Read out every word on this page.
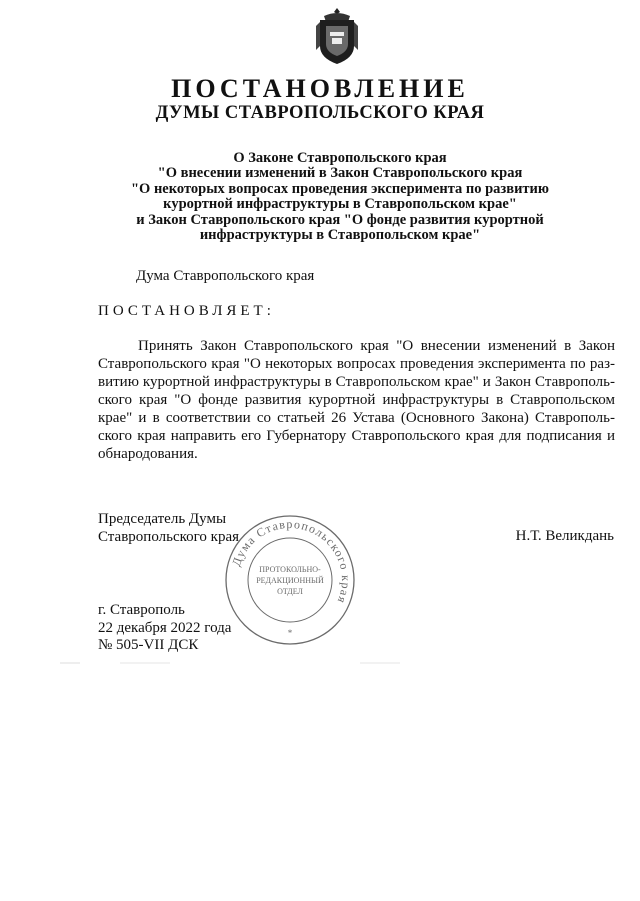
ПОСТАНОВЛЕНИЕ
ДУМЫ СТАВРОПОЛЬСКОГО КРАЯ
О Законе Ставропольского края
"О внесении изменений в Закон Ставропольского края
"О некоторых вопросах проведения эксперимента по развитию
курортной инфраструктуры в Ставропольском крае"
и Закон Ставропольского края "О фонде развития курортной
инфраструктуры в Ставропольском крае"
Дума Ставропольского края
ПОСТАНОВЛЯЕТ:
Принять Закон Ставропольского края "О внесении изменений в Закон
Ставропольского края "О некоторых вопросах проведения эксперимента по раз-
витию курортной инфраструктуры в Ставропольском крае" и Закон Ставрополь-
ского края "О фонде развития курортной инфраструктуры в Ставропольском
крае" и в соответствии со статьей 26 Устава (Основного Закона) Ставрополь-
ского края направить его Губернатору Ставропольского края для подписания и
обнародования.
Председатель Думы
Ставропольского края	Н.Т. Великдань
Дума Ставропольского края
ПРОТОКОЛЬНО-
РЕДАКЦИОННЫЙ
ОТДЕЛ
*
г. Ставрополь
22 декабря 2022 года
№ 505-VII ДСК
